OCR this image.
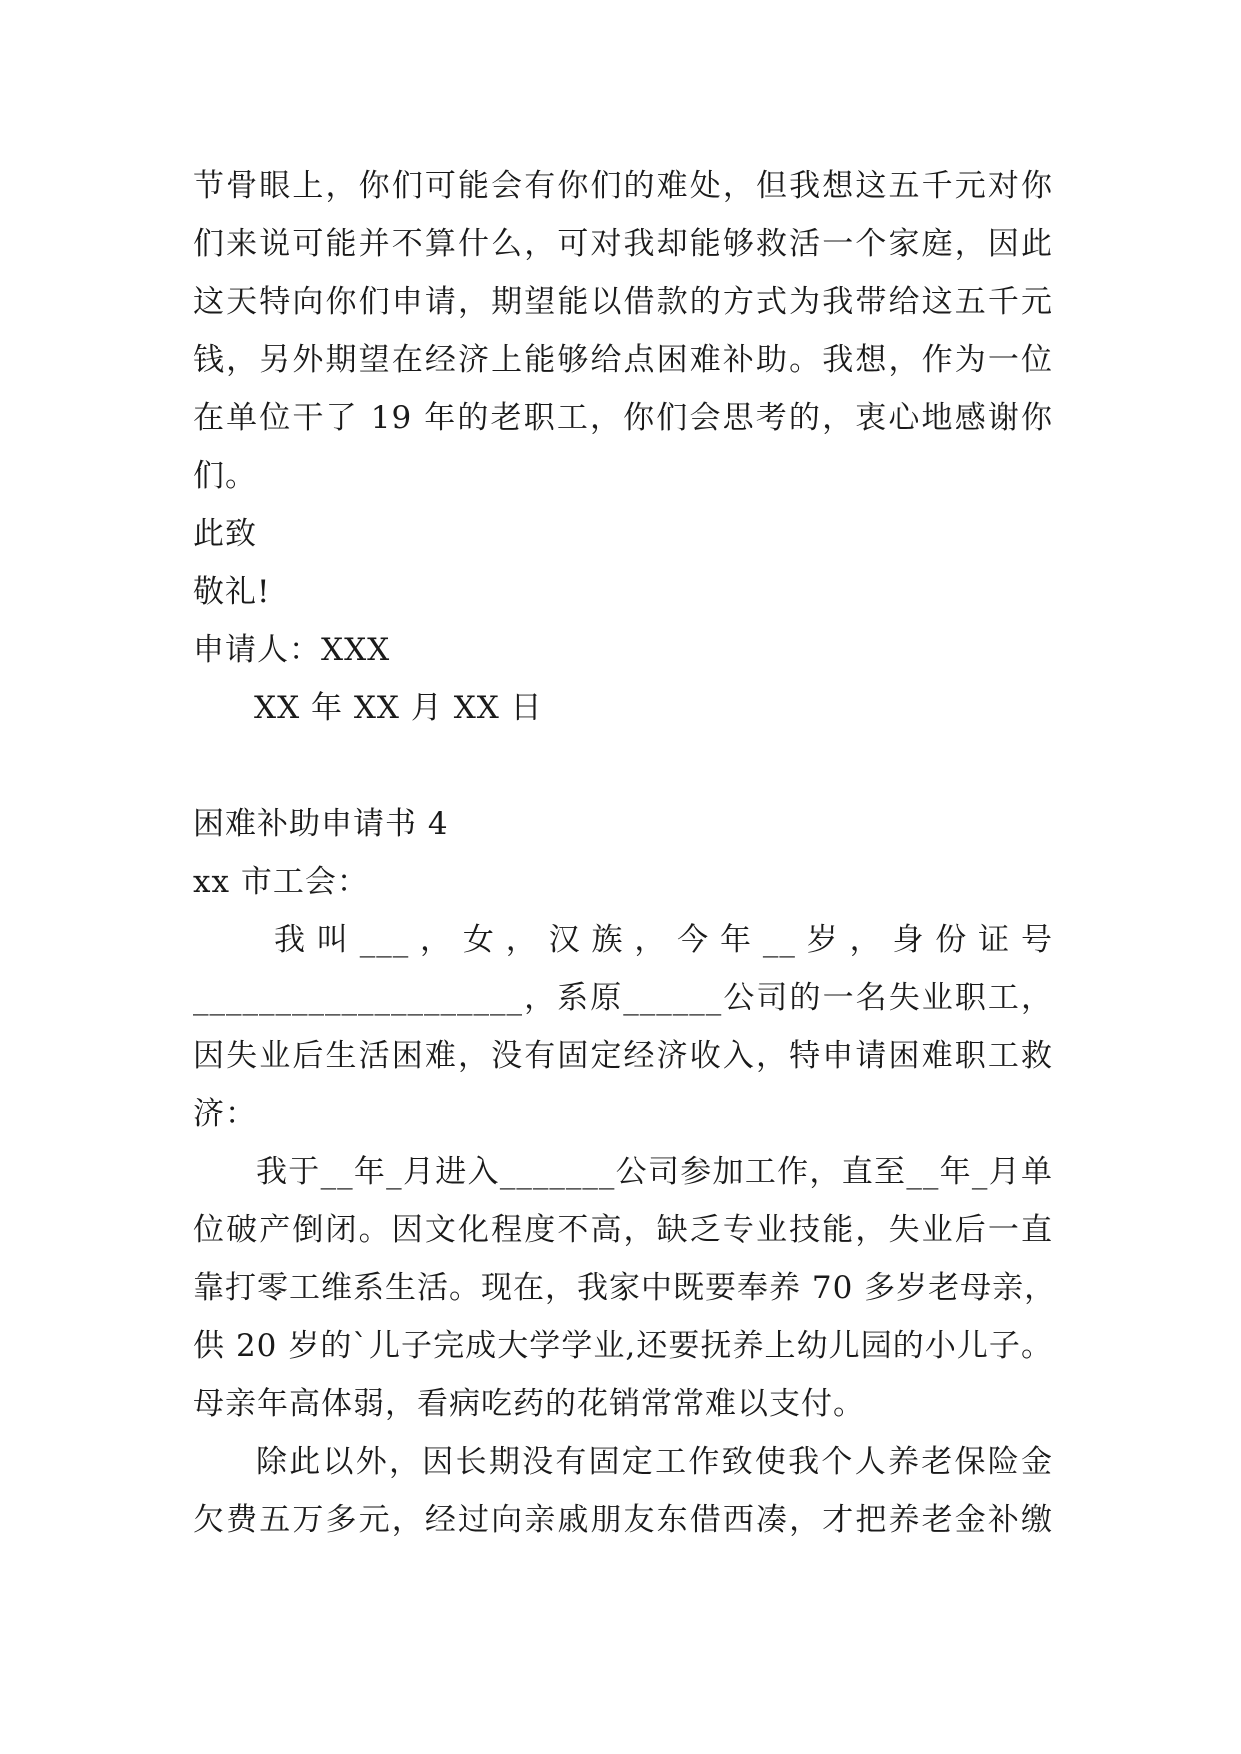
节骨眼上，你们可能会有你们的难处，但我想这五千元对你
们来说可能并不算什么，可对我却能够救活一个家庭，因此
这天特向你们申请，期望能以借款的方式为我带给这五千元
钱，另外期望在经济上能够给点困难补助。我想，作为一位
在单位干了 19 年的老职工，你们会思考的，衷心地感谢你
们。
此致
敬礼!
申请人：XXX
XX 年 XX 月 XX 日
困难补助申请书 4
xx 市工会：
我 叫 ___ ， 女 ， 汉 族 ， 今 年 __ 岁 ， 身 份 证 号
____________________，系原______公司的一名失业职工，
因失业后生活困难，没有固定经济收入，特申请困难职工救
济：
我于__年_月进入_______公司参加工作，直至__年_月单
位破产倒闭。因文化程度不高，缺乏专业技能，失业后一直
靠打零工维系生活。现在，我家中既要奉养 70 多岁老母亲，
供 20 岁的`儿子完成大学学业,还要抚养上幼儿园的小儿子。
母亲年高体弱，看病吃药的花销常常难以支付。
除此以外，因长期没有固定工作致使我个人养老保险金
欠费五万多元，经过向亲戚朋友东借西凑，才把养老金补缴
